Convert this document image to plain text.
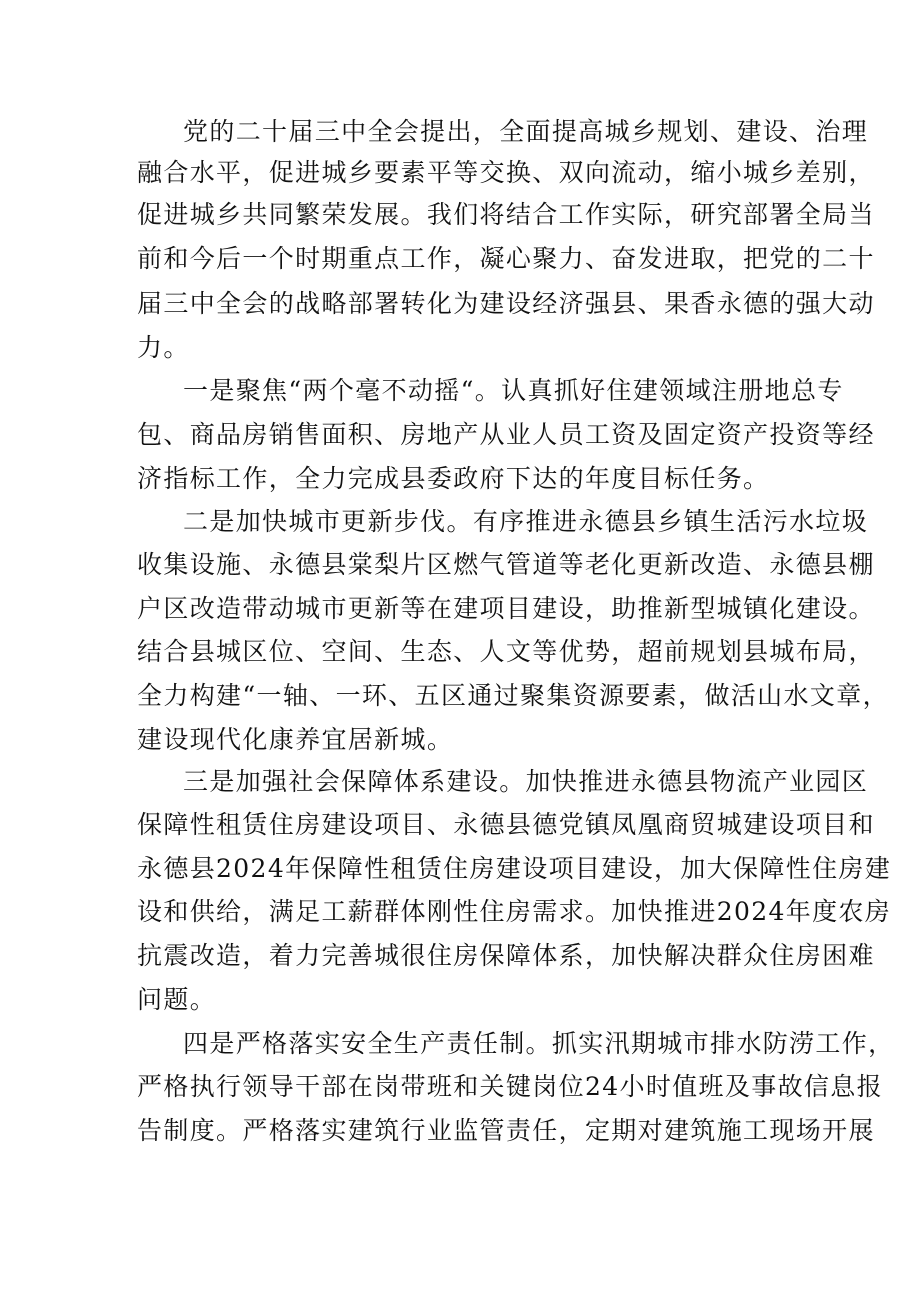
党的二十届三中全会提出，全面提高城乡规划、建设、治理
融合水平，促进城乡要素平等交换、双向流动，缩小城乡差别，
促进城乡共同繁荣发展。我们将结合工作实际，研究部署全局当
前和今后一个时期重点工作，凝心聚力、奋发进取，把党的二十
届三中全会的战略部署转化为建设经济强县、果香永德的强大动
力。
一是聚焦“两个毫不动摇“。认真抓好住建领域注册地总专
包、商品房销售面积、房地产从业人员工资及固定资产投资等经
济指标工作，全力完成县委政府下达的年度目标任务。
二是加快城市更新步伐。有序推进永德县乡镇生活污水垃圾
收集设施、永德县棠梨片区燃气管道等老化更新改造、永德县棚
户区改造带动城市更新等在建项目建设，助推新型城镇化建设。
结合县城区位、空间、生态、人文等优势，超前规划县城布局，
全力构建“一轴、一环、五区通过聚集资源要素，做活山水文章，
建设现代化康养宜居新城。
三是加强社会保障体系建设。加快推进永德县物流产业园区
保障性租赁住房建设项目、永德县德党镇凤凰商贸城建设项目和
永德县2024年保障性租赁住房建设项目建设，加大保障性住房建
设和供给，满足工薪群体刚性住房需求。加快推进2024年度农房
抗震改造，着力完善城很住房保障体系，加快解决群众住房困难
问题。
四是严格落实安全生产责任制。抓实汛期城市排水防涝工作，
严格执行领导干部在岗带班和关键岗位24小时值班及事故信息报
告制度。严格落实建筑行业监管责任，定期对建筑施工现场开展
